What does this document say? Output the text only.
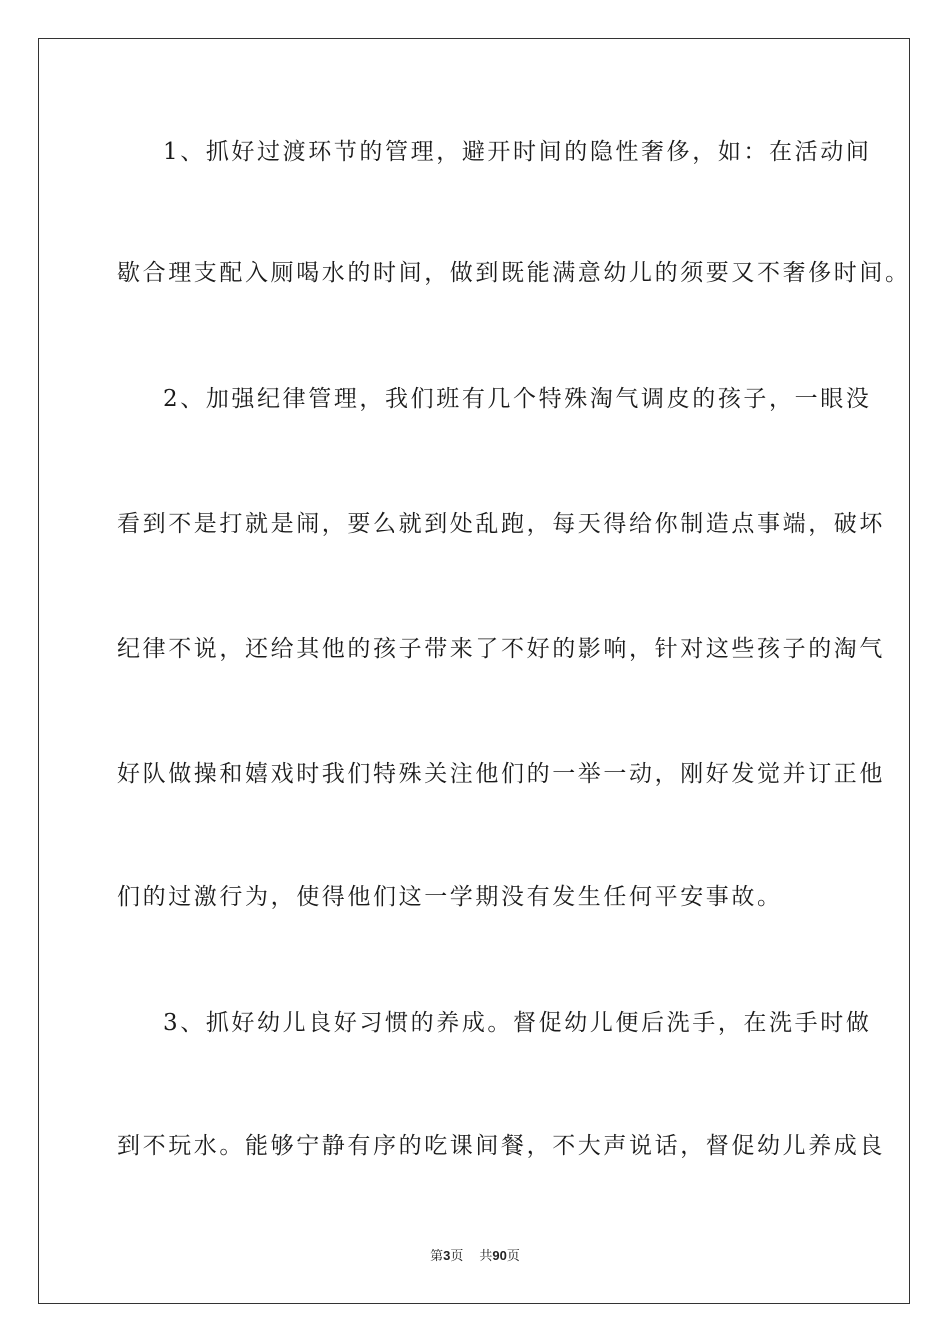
1、抓好过渡环节的管理，避开时间的隐性奢侈，如：在活动间
歇合理支配入厕喝水的时间，做到既能满意幼儿的须要又不奢侈时间。
2、加强纪律管理，我们班有几个特殊淘气调皮的孩子，一眼没
看到不是打就是闹，要么就到处乱跑，每天得给你制造点事端，破坏
纪律不说，还给其他的孩子带来了不好的影响，针对这些孩子的淘气
好队做操和嬉戏时我们特殊关注他们的一举一动，刚好发觉并订正他
们的过激行为，使得他们这一学期没有发生任何平安事故。
3、抓好幼儿良好习惯的养成。督促幼儿便后洗手，在洗手时做
到不玩水。能够宁静有序的吃课间餐，不大声说话，督促幼儿养成良
第3页 共90页
